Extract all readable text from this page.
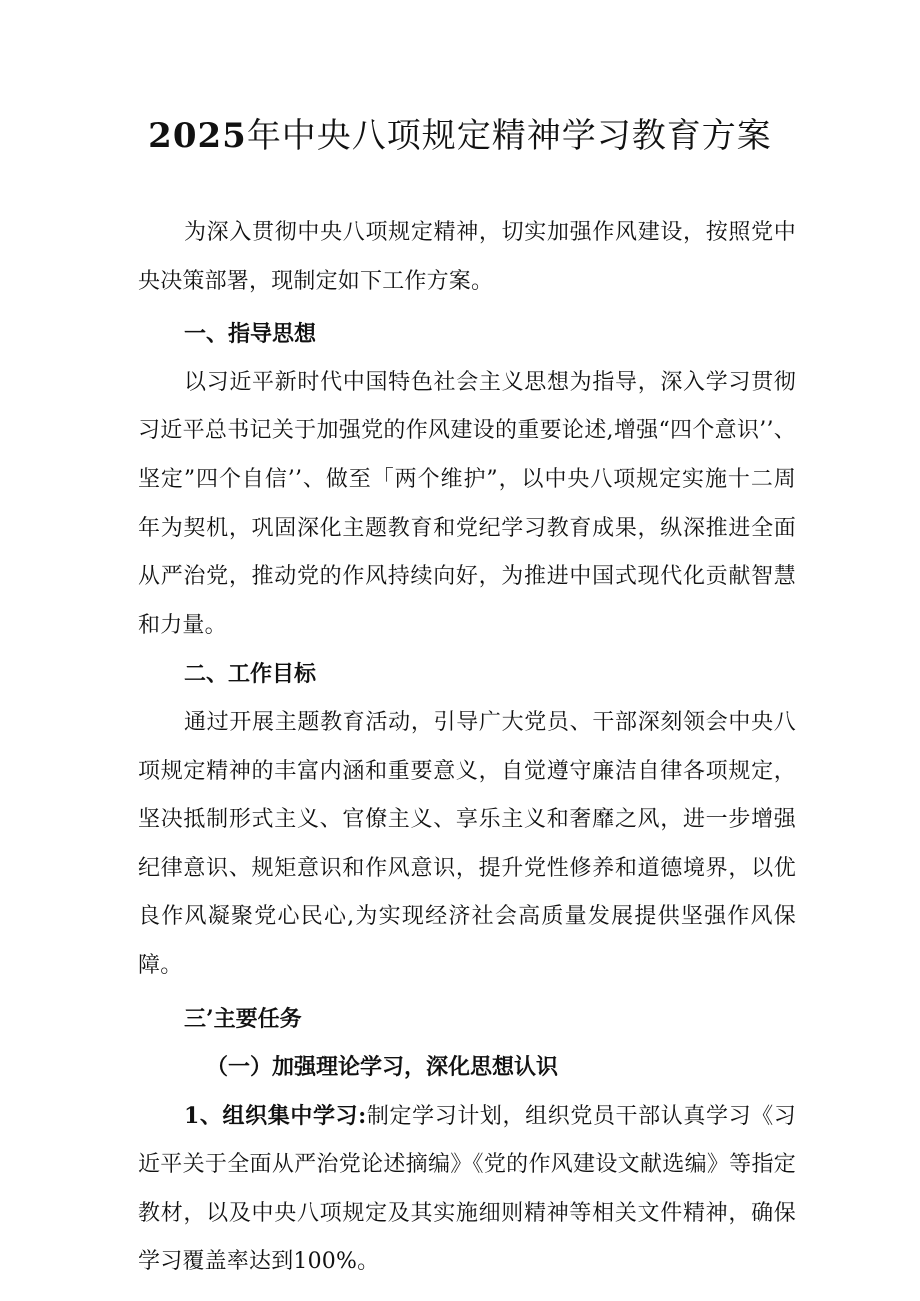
2025年中央八项规定精神学习教育方案

为深入贯彻中央八项规定精神，切实加强作风建设，按照党中央决策部署，现制定如下工作方案。

一、指导思想

以习近平新时代中国特色社会主义思想为指导，深入学习贯彻习近平总书记关于加强党的作风建设的重要论述,增强“四个意识’’、坚定”四个自信’’、做至「两个维护”，以中央八项规定实施十二周年为契机，巩固深化主题教育和党纪学习教育成果，纵深推进全面从严治党，推动党的作风持续向好，为推进中国式现代化贡献智慧和力量。

二、工作目标

通过开展主题教育活动，引导广大党员、干部深刻领会中央八项规定精神的丰富内涵和重要意义，自觉遵守廉洁自律各项规定，坚决抵制形式主义、官僚主义、享乐主义和奢靡之风，进一步增强纪律意识、规矩意识和作风意识，提升党性修养和道德境界，以优良作风凝聚党心民心,为实现经济社会高质量发展提供坚强作风保障。

三’主要任务

（一）加强理论学习，深化思想认识

1、组织集中学习:制定学习计划，组织党员干部认真学习《习近平关于全面从严治党论述摘编》《党的作风建设文献选编》等指定教材，以及中央八项规定及其实施细则精神等相关文件精神，确保学习覆盖率达到100%。
